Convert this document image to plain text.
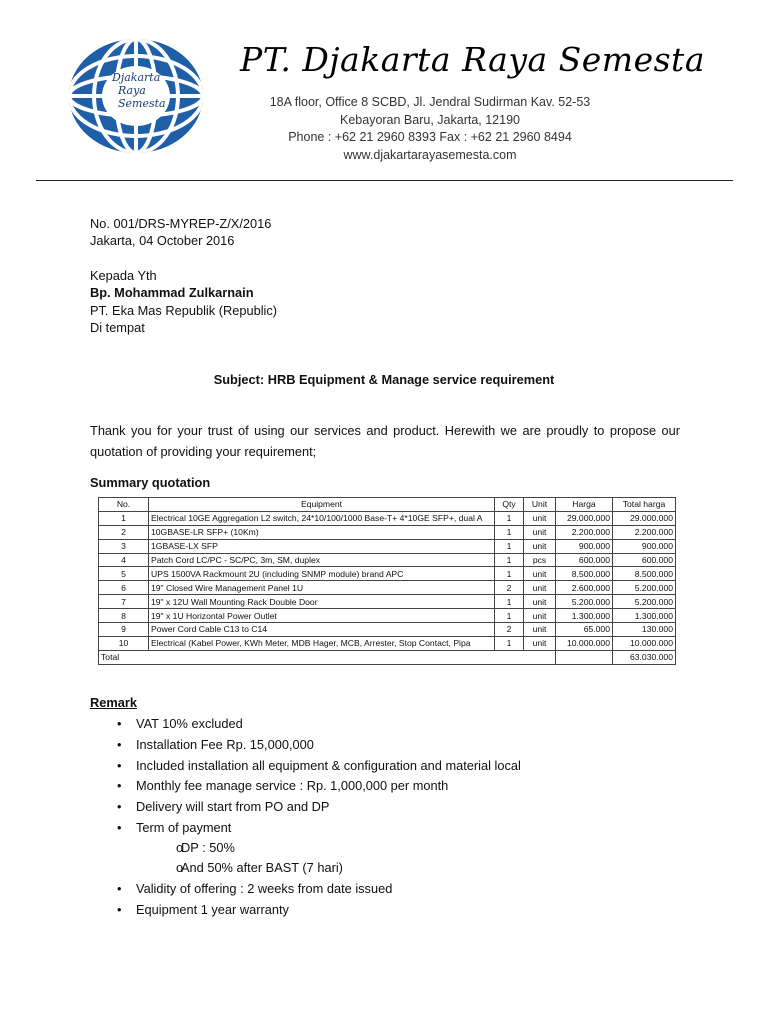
Djakarta
Raya
Semesta
PT. Djakarta Raya Semesta
18A floor, Office 8 SCBD, Jl. Jendral Sudirman Kav. 52-53
Kebayoran Baru, Jakarta, 12190
Phone : +62 21 2960 8393 Fax : +62 21 2960 8494
www.djakartarayasemesta.com
No. 001/DRS-MYREP-Z/X/2016
Jakarta, 04 October 2016
Kepada Yth
Bp. Mohammad Zulkarnain
PT. Eka Mas Republik (Republic)
Di tempat
Subject: HRB Equipment & Manage service requirement
Thank you for your trust of using our services and product. Herewith we are proudly to propose our quotation of providing your requirement;
Summary quotation
No.	Equipment	Qty	Unit	Harga	Total harga
1	Electrical 10GE Aggregation L2 switch, 24*10/100/1000 Base-T+ 4*10GE SFP+, dual A	1	unit	29.000.000	29.000.000
2	10GBASE-LR SFP+ (10Km)	1	unit	2.200.000	2.200.000
3	1GBASE-LX SFP	1	unit	900.000	900.000
4	Patch Cord LC/PC - SC/PC, 3m, SM, duplex	1	pcs	600.000	600.000
5	UPS 1500VA Rackmount 2U (including SNMP module) brand APC	1	unit	8.500.000	8.500.000
6	19" Closed Wire Management Panel 1U	2	unit	2.600.000	5.200.000
7	19" x 12U Wall Mounting Rack Double Door	1	unit	5.200.000	5.200.000
8	19" x 1U Horizontal Power Outlet	1	unit	1.300.000	1.300.000
9	Power Cord Cable C13 to C14	2	unit	65.000	130.000
10	Electrical (Kabel Power, KWh Meter, MDB Hager, MCB, Arrester, Stop Contact, Pipa	1	unit	10.000.000	10.000.000
Total					63.030.000
Remark
• VAT 10% excluded
• Installation Fee Rp. 15,000,000
• Included installation all equipment & configuration and material local
• Monthly fee manage service : Rp. 1,000,000 per month
• Delivery will start from PO and DP
• Term of payment
o
DP : 50%
o
And 50% after BAST (7 hari)
• Validity of offering : 2 weeks from date issued
• Equipment 1 year warranty
